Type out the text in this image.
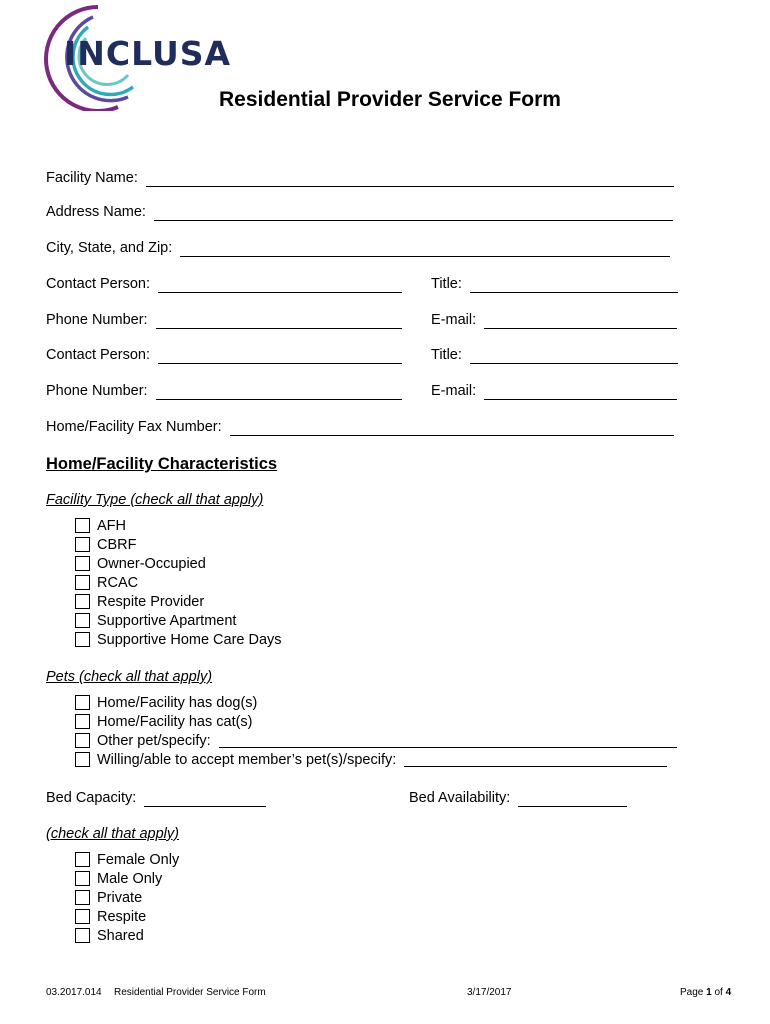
INCLUSA
Residential Provider Service Form
Facility Name:
Address Name:
City, State, and Zip:
Contact Person:	Title:
Phone Number:	E-mail:
Contact Person:	Title:
Phone Number:	E-mail:
Home/Facility Fax Number:
Home/Facility Characteristics
Facility Type (check all that apply)
AFH
CBRF
Owner-Occupied
RCAC
Respite Provider
Supportive Apartment
Supportive Home Care Days
Pets (check all that apply)
Home/Facility has dog(s)
Home/Facility has cat(s)
Other pet/specify:
Willing/able to accept member’s pet(s)/specify:
Bed Capacity:	Bed Availability:
(check all that apply)
Female Only
Male Only
Private
Respite
Shared
03.2017.014 Residential Provider Service Form	3/17/2017	Page 1 of 4
